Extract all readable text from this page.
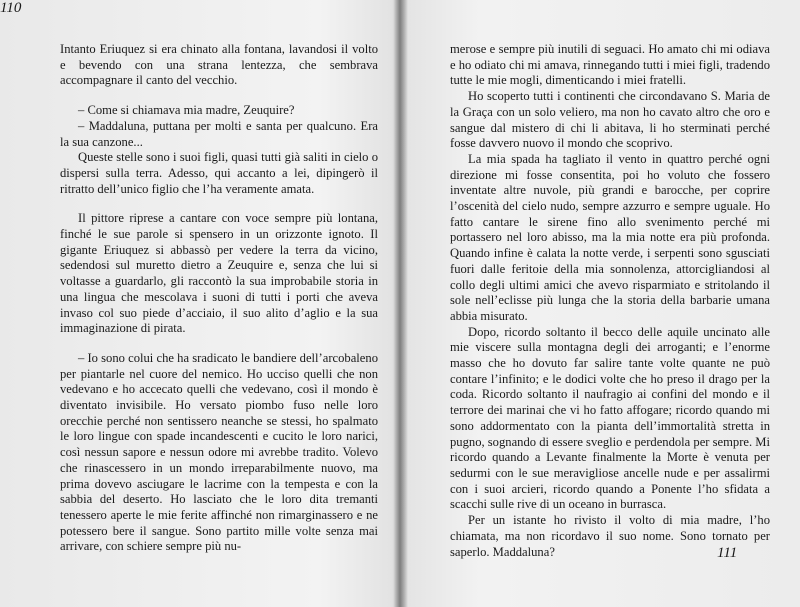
Intanto Eriuquez si era chinato alla fontana, lavandosi il volto e bevendo con una strana lentezza, che sembrava accompagnare il canto del vecchio.

– Come si chiamava mia madre, Zeuquire?

– Maddaluna, puttana per molti e santa per qualcuno. Era la sua canzone...

Queste stelle sono i suoi figli, quasi tutti già saliti in cielo o dispersi sulla terra. Adesso, qui accanto a lei, dipingerò il ritratto dell’unico figlio che l’ha veramente amata.

Il pittore riprese a cantare con voce sempre più lontana, finché le sue parole si spensero in un orizzonte ignoto. Il gigante Eriuquez si abbassò per vedere la terra da vicino, sedendosi sul muretto dietro a Zeuquire e, senza che lui si voltasse a guardarlo, gli raccontò la sua improbabile storia in una lingua che mescolava i suoni di tutti i porti che aveva invaso col suo piede d’acciaio, il suo alito d’aglio e la sua immaginazione di pirata.

– Io sono colui che ha sradicato le bandiere dell’arcobaleno per piantarle nel cuore del nemico. Ho ucciso quelli che non vedevano e ho accecato quelli che vedevano, così il mondo è diventato invisibile. Ho versato piombo fuso nelle loro orecchie perché non sentissero neanche se stessi, ho spalmato le loro lingue con spade incandescenti e cucito le loro narici, così nessun sapore e nessun odore mi avrebbe tradito. Volevo che rinascessero in un mondo irreparabilmente nuovo, ma prima dovevo asciugare le lacrime con la tempesta e con la sabbia del deserto. Ho lasciato che le loro dita tremanti tenessero aperte le mie ferite affinché non rimarginassero e ne potessero bere il sangue. Sono partito mille volte senza mai arrivare, con schiere sempre più nu-

110

merose e sempre più inutili di seguaci. Ho amato chi mi odiava e ho odiato chi mi amava, rinnegando tutti i miei figli, tradendo tutte le mie mogli, dimenticando i miei fratelli.

Ho scoperto tutti i continenti che circondavano S. Maria de la Graça con un solo veliero, ma non ho cavato altro che oro e sangue dal mistero di chi li abitava, li ho sterminati perché fosse davvero nuovo il mondo che scoprivo.

La mia spada ha tagliato il vento in quattro perché ogni direzione mi fosse consentita, poi ho voluto che fossero inventate altre nuvole, più grandi e barocche, per coprire l’oscenità del cielo nudo, sempre azzurro e sempre uguale. Ho fatto cantare le sirene fino allo svenimento perché mi portassero nel loro abisso, ma la mia notte era più profonda. Quando infine è calata la notte verde, i serpenti sono sgusciati fuori dalle feritoie della mia sonnolenza, attorcigliandosi al collo degli ultimi amici che avevo risparmiato e stritolando il sole nell’eclisse più lunga che la storia della barbarie umana abbia misurato.

Dopo, ricordo soltanto il becco delle aquile uncinato alle mie viscere sulla montagna degli dei arroganti; e l’enorme masso che ho dovuto far salire tante volte quante ne può contare l’infinito; e le dodici volte che ho preso il drago per la coda. Ricordo soltanto il naufragio ai confini del mondo e il terrore dei marinai che vi ho fatto affogare; ricordo quando mi sono addormentato con la pianta dell’immortalità stretta in pugno, sognando di essere sveglio e perdendola per sempre. Mi ricordo quando a Levante finalmente la Morte è venuta per sedurmi con le sue meravigliose ancelle nude e per assalirmi con i suoi arcieri, ricordo quando a Ponente l’ho sfidata a scacchi sulle rive di un oceano in burrasca.

Per un istante ho rivisto il volto di mia madre, l’ho chiamata, ma non ricordavo il suo nome. Sono tornato per saperlo. Maddaluna?	111
